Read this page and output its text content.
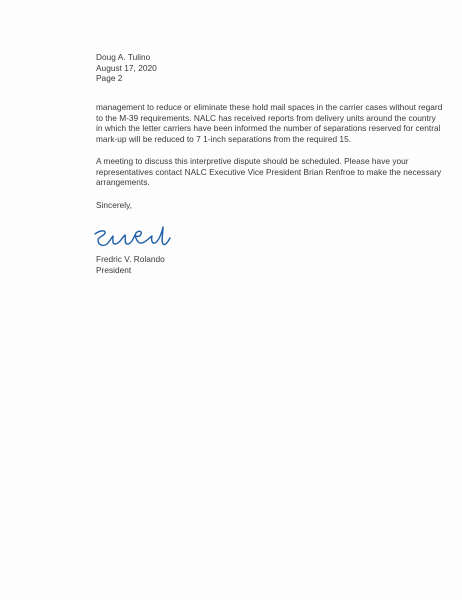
Doug A. Tulino
August 17, 2020
Page 2
management to reduce or eliminate these hold mail spaces in the carrier cases without regard
to the M-39 requirements. NALC has received reports from delivery units around the country
in which the letter carriers have been informed the number of separations reserved for central
mark-up will be reduced to 7 1-inch separations from the required 15.
A meeting to discuss this interpretive dispute should be scheduled. Please have your
representatives contact NALC Executive Vice President Brian Renfroe to make the necessary
arrangements.
Sincerely,
Fredric V. Rolando
President
